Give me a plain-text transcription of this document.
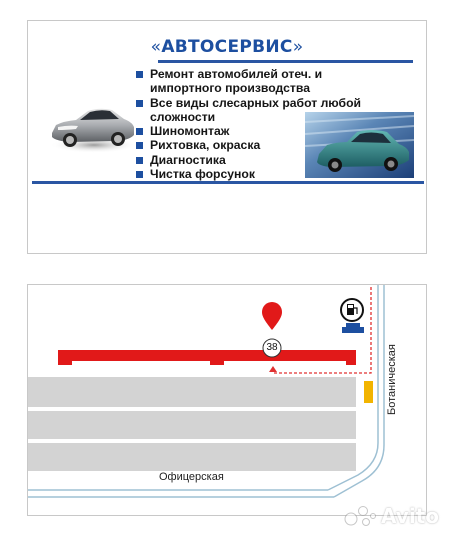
«АВТОСЕРВИС»
Ремонт автомобилей отеч. и импортного производства
Все виды слесарных работ любой сложности
Шиномонтаж
Рихтовка, окраска
Диагностика
Чистка форсунок
38
Офицерская
Ботаническая
Avito
